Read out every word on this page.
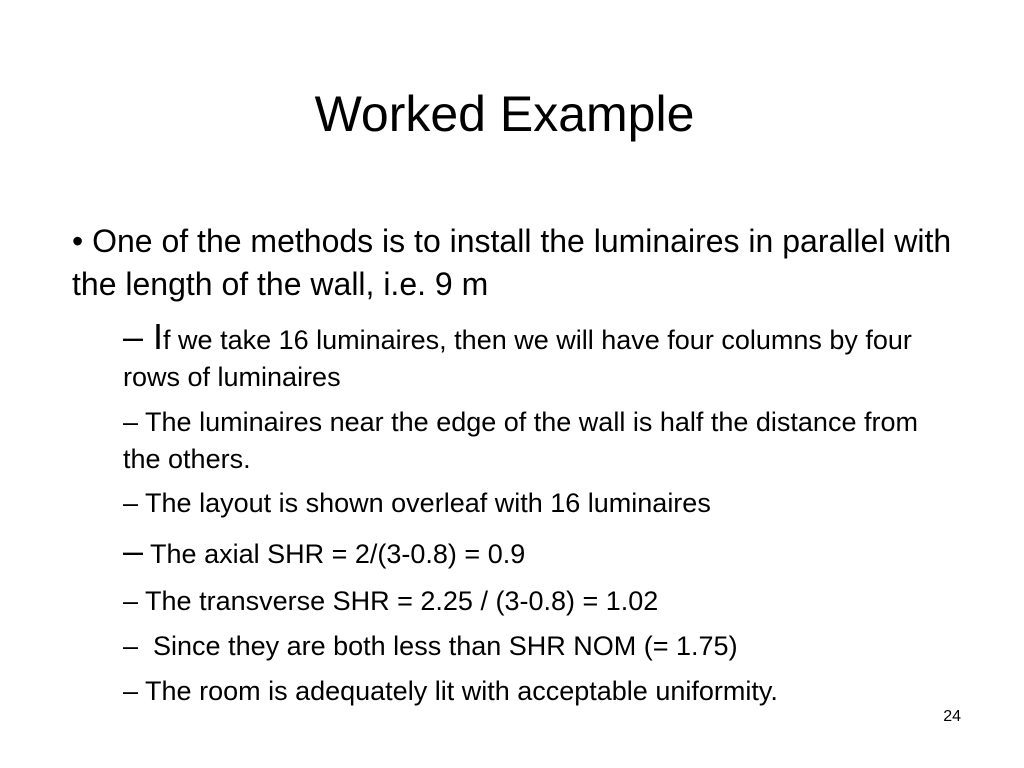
Worked Example
• One of the methods is to install the luminaires in parallel with the length of the wall, i.e. 9 m
– If we take 16 luminaires, then we will have four columns by four rows of luminaires
– The luminaires near the edge of the wall is half the distance from the others.
– The layout is shown overleaf with 16 luminaires
– The axial SHR = 2/(3-0.8) = 0.9
– The transverse SHR = 2.25 / (3-0.8) = 1.02
–  Since they are both less than SHR NOM (= 1.75)
– The room is adequately lit with acceptable uniformity.
24
